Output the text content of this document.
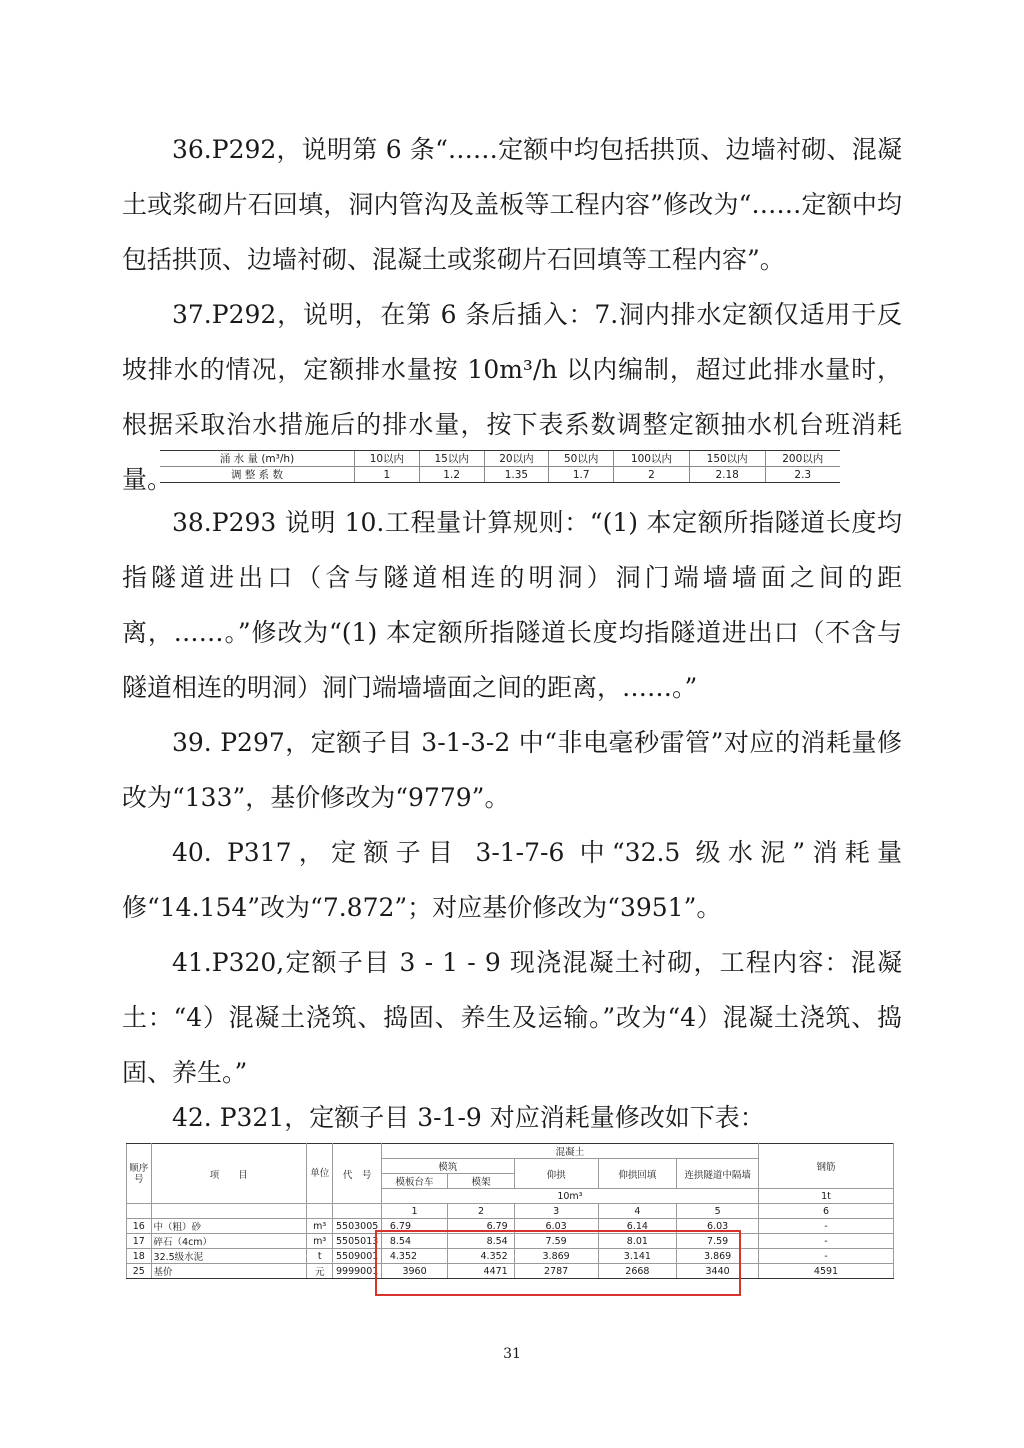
36.P292，说明第 6 条“……定额中均包括拱顶、边墙衬砌、混凝土或浆砌片石回填，洞内管沟及盖板等工程内容”修改为“……定额中均包括拱顶、边墙衬砌、混凝土或浆砌片石回填等工程内容”。

37.P292，说明，在第 6 条后插入：7.洞内排水定额仅适用于反坡排水的情况，定额排水量按 10m³/h 以内编制，超过此排水量时，根据采取治水措施后的排水量，按下表系数调整定额抽水机台班消耗量。

涌 水 量 (m³/h)	10以内	15以内	20以内	50以内	100以内	150以内	200以内
调 整 系 数	1	1.2	1.35	1.7	2	2.18	2.3

38.P293 说明 10.工程量计算规则：“(1) 本定额所指隧道长度均指隧道进出口（含与隧道相连的明洞）洞门端墙墙面之间的距离，……。”修改为“(1) 本定额所指隧道长度均指隧道进出口（不含与隧道相连的明洞）洞门端墙墙面之间的距离，……。”

39. P297，定额子目 3-1-3-2 中“非电毫秒雷管”对应的消耗量修改为“133”，基价修改为“9779”。

40. P317，定额子目 3-1-7-6 中“32.5 级水泥”消耗量修“14.154”改为“7.872”；对应基价修改为“3951”。

41.P320,定额子目 3 - 1 - 9 现浇混凝土衬砌，工程内容：混凝土：“4）混凝土浇筑、捣固、养生及运输。”改为“4）混凝土浇筑、捣固、养生。”

42. P321，定额子目 3-1-9 对应消耗量修改如下表：

顺序号	项　　目	单位	代　号	混凝土					钢筋
				模筑		仰拱	仰拱回填	连拱隧道中隔墙	
				模板台车	模架				
				10m³					1t
				1	2	3	4	5	6
16	中（粗）砂	m³	5503005	6.79	6.79	6.03	6.14	6.03	-
17	碎石（4cm）	m³	5505013	8.54	8.54	7.59	8.01	7.59	-
18	32.5级水泥	t	5509001	4.352	4.352	3.869	3.141	3.869	-
25	基价	元	9999001	3960	4471	2787	2668	3440	4591
31
